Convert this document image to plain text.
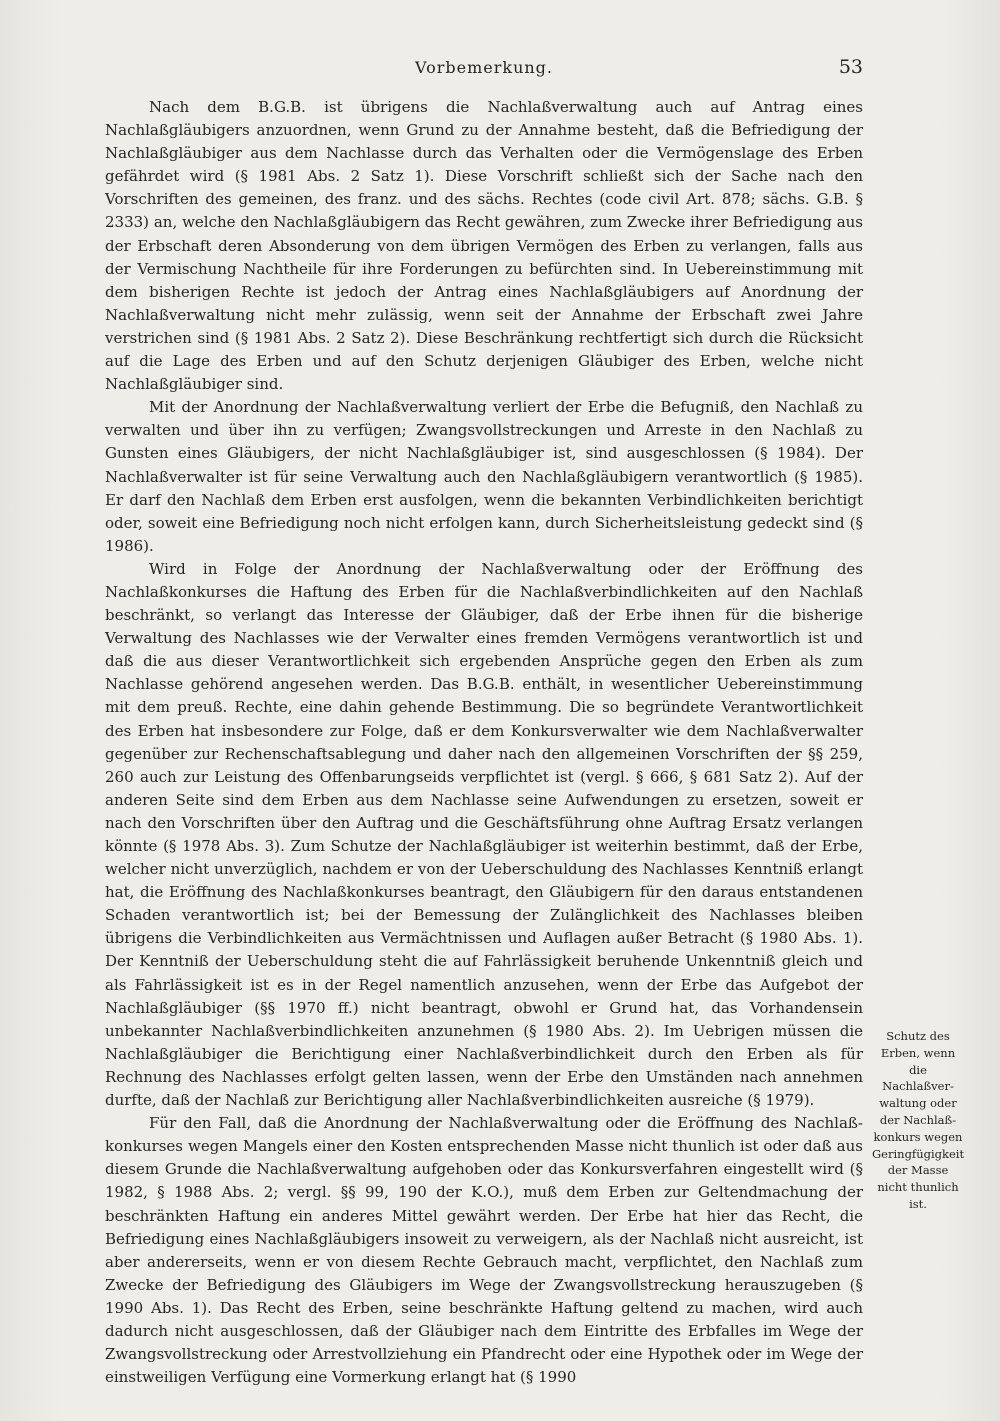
Vorbemerkung.	53

Nach dem B.G.B. ist übrigens die Nachlaßverwaltung auch auf Antrag eines Nachlaßgläubigers anzuordnen, wenn Grund zu der Annahme besteht, daß die Befriedigung der Nachlaßgläubiger aus dem Nachlasse durch das Verhalten oder die Vermögenslage des Erben gefährdet wird (§ 1981 Abs. 2 Satz 1). Diese Vorschrift schließt sich der Sache nach den Vorschriften des gemeinen, des franz. und des sächs. Rechtes (code civil Art. 878; sächs. G.B. § 2333) an, welche den Nachlaßgläubigern das Recht gewähren, zum Zwecke ihrer Befriedigung aus der Erbschaft deren Absonderung von dem übrigen Vermögen des Erben zu verlangen, falls aus der Vermischung Nachtheile für ihre Forderungen zu befürchten sind. In Uebereinstimmung mit dem bisherigen Rechte ist jedoch der Antrag eines Nachlaßgläubigers auf Anordnung der Nachlaßverwaltung nicht mehr zulässig, wenn seit der Annahme der Erbschaft zwei Jahre verstrichen sind (§ 1981 Abs. 2 Satz 2). Diese Beschränkung rechtfertigt sich durch die Rücksicht auf die Lage des Erben und auf den Schutz derjenigen Gläubiger des Erben, welche nicht Nachlaßgläubiger sind.

Mit der Anordnung der Nachlaßverwaltung verliert der Erbe die Befugniß, den Nachlaß zu verwalten und über ihn zu verfügen; Zwangsvollstreckungen und Arreste in den Nachlaß zu Gunsten eines Gläubigers, der nicht Nachlaßgläubiger ist, sind ausgeschlossen (§ 1984). Der Nachlaßverwalter ist für seine Verwaltung auch den Nachlaßgläubigern verantwortlich (§ 1985). Er darf den Nachlaß dem Erben erst ausfolgen, wenn die bekannten Verbindlichkeiten berichtigt oder, soweit eine Befriedigung noch nicht erfolgen kann, durch Sicherheitsleistung gedeckt sind (§ 1986).

Wird in Folge der Anordnung der Nachlaßverwaltung oder der Eröffnung des Nachlaßkonkurses die Haftung des Erben für die Nachlaßverbindlichkeiten auf den Nachlaß beschränkt, so verlangt das Interesse der Gläubiger, daß der Erbe ihnen für die bisherige Verwaltung des Nachlasses wie der Verwalter eines fremden Vermögens verantwortlich ist und daß die aus dieser Verantwortlichkeit sich ergebenden Ansprüche gegen den Erben als zum Nachlasse gehörend angesehen werden. Das B.G.B. enthält, in wesentlicher Uebereinstimmung mit dem preuß. Rechte, eine dahin gehende Bestimmung. Die so begründete Verantwortlichkeit des Erben hat insbesondere zur Folge, daß er dem Konkursverwalter wie dem Nachlaßverwalter gegenüber zur Rechenschaftsablegung und daher nach den allgemeinen Vorschriften der §§ 259, 260 auch zur Leistung des Offenbarungseids verpflichtet ist (vergl. § 666, § 681 Satz 2). Auf der anderen Seite sind dem Erben aus dem Nachlasse seine Aufwendungen zu ersetzen, soweit er nach den Vorschriften über den Auftrag und die Geschäftsführung ohne Auftrag Ersatz verlangen könnte (§ 1978 Abs. 3). Zum Schutze der Nachlaßgläubiger ist weiterhin bestimmt, daß der Erbe, welcher nicht unverzüglich, nachdem er von der Ueberschuldung des Nachlasses Kenntniß erlangt hat, die Eröffnung des Nachlaßkonkurses beantragt, den Gläubigern für den daraus entstandenen Schaden verantwortlich ist; bei der Bemessung der Zulänglichkeit des Nachlasses bleiben übrigens die Verbindlichkeiten aus Vermächtnissen und Auflagen außer Betracht (§ 1980 Abs. 1). Der Kenntniß der Ueberschuldung steht die auf Fahrlässigkeit beruhende Unkenntniß gleich und als Fahrlässigkeit ist es in der Regel namentlich anzusehen, wenn der Erbe das Aufgebot der Nachlaßgläubiger (§§ 1970 ff.) nicht beantragt, obwohl er Grund hat, das Vorhandensein unbekannter Nachlaßverbindlichkeiten anzunehmen (§ 1980 Abs. 2). Im Uebrigen müssen die Nachlaßgläubiger die Berichtigung einer Nachlaßverbindlichkeit durch den Erben als für Rechnung des Nachlasses erfolgt gelten lassen, wenn der Erbe den Umständen nach annehmen durfte, daß der Nachlaß zur Berichtigung aller Nachlaßverbindlichkeiten ausreiche (§ 1979).

Für den Fall, daß die Anordnung der Nachlaßverwaltung oder die Eröffnung des Nachlaßkonkurses wegen Mangels einer den Kosten entsprechenden Masse nicht thunlich ist oder daß aus diesem Grunde die Nachlaßverwaltung aufgehoben oder das Konkursverfahren eingestellt wird (§ 1982, § 1988 Abs. 2; vergl. §§ 99, 190 der K.O.), muß dem Erben zur Geltendmachung der beschränkten Haftung ein anderes Mittel gewährt werden. Der Erbe hat hier das Recht, die Befriedigung eines Nachlaßgläubigers insoweit zu verweigern, als der Nachlaß nicht ausreicht, ist aber andererseits, wenn er von diesem Rechte Gebrauch macht, verpflichtet, den Nachlaß zum Zwecke der Befriedigung des Gläubigers im Wege der Zwangsvollstreckung herauszugeben (§ 1990 Abs. 1). Das Recht des Erben, seine beschränkte Haftung geltend zu machen, wird auch dadurch nicht ausgeschlossen, daß der Gläubiger nach dem Eintritte des Erbfalles im Wege der Zwangsvollstreckung oder Arrestvollziehung ein Pfandrecht oder eine Hypothek oder im Wege der einstweiligen Verfügung eine Vormerkung erlangt hat (§ 1990

Schutz des Erben, wenn die Nachlaßverwaltung oder der Nachlaßkonkurs wegen Geringfügigkeit der Masse nicht thunlich ist.
